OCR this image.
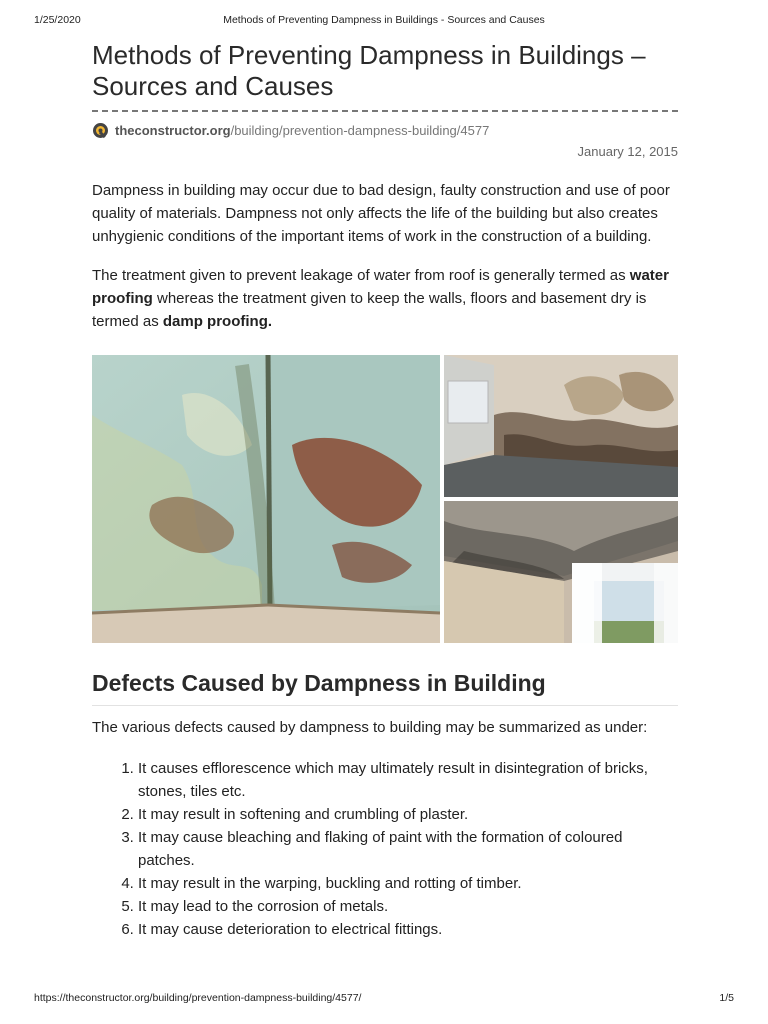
1/25/2020	Methods of Preventing Dampness in Buildings - Sources and Causes
Methods of Preventing Dampness in Buildings – Sources and Causes
theconstructor.org/building/prevention-dampness-building/4577
January 12, 2015

Dampness in building may occur due to bad design, faulty construction and use of poor quality of materials. Dampness not only affects the life of the building but also creates unhygienic conditions of the important items of work in the construction of a building.

The treatment given to prevent leakage of water from roof is generally termed as water proofing whereas the treatment given to keep the walls, floors and basement dry is termed as damp proofing.

Defects Caused by Dampness in Building

The various defects caused by dampness to building may be summarized as under:

1. It causes efflorescence which may ultimately result in disintegration of bricks, stones, tiles etc.
2. It may result in softening and crumbling of plaster.
3. It may cause bleaching and flaking of paint with the formation of coloured patches.
4. It may result in the warping, buckling and rotting of timber.
5. It may lead to the corrosion of metals.
6. It may cause deterioration to electrical fittings.
https://theconstructor.org/building/prevention-dampness-building/4577/	1/5
